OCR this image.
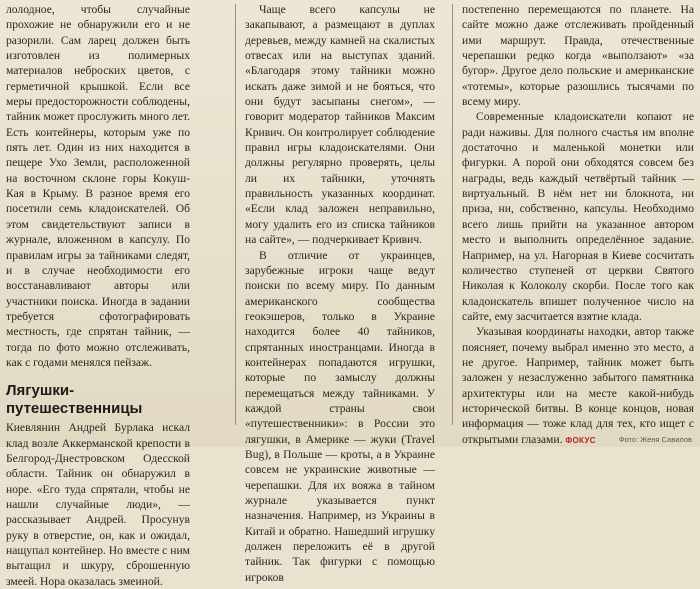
лолодное, чтобы случайные прохожие не обнаружили его и не разорили. Сам ларец должен быть изготовлен из полимерных материалов неброских цветов, с герметичной крышкой. Если все меры предосторожности соблюдены, тайник может прослужить много лет. Есть контейнеры, которым уже по пять лет. Один из них находится в пещере Ухо Земли, расположенной на восточном склоне горы Кокуш-Кая в Крыму. В разное время его посетили семь кладоискателей. Об этом свидетельствуют записи в журнале, вложенном в капсулу. По правилам игры за тайниками следят, и в случае необходимости его восстанавливают авторы или участники поиска. Иногда в задании требуется сфотографировать местность, где спрятан тайник, — тогда по фото можно отслеживать, как с годами менялся пейзаж.

Лягушки-путешественницы

Киевлянин Андрей Бурлака искал клад возле Аккерманской крепости в Белгород-Днестровском Одесской области. Тайник он обнаружил в норе. «Его туда спрятали, чтобы не нашли случайные люди», — рассказывает Андрей. Просунув руку в отверстие, он, как и ожидал, нащупал контейнер. Но вместе с ним вытащил и шкуру, сброшенную змеей. Нора оказалась змеиной.

Чаще всего капсулы не закапывают, а размещают в дуплах деревьев, между камней на скалистых отвесах или на выступах зданий. «Благодаря этому тайники можно искать даже зимой и не бояться, что они будут засыпаны снегом», — говорит модератор тайников Максим Кривич. Он контролирует соблюдение правил игры кладоискателями. Они должны регулярно проверять, целы ли их тайники, уточнять правильность указанных координат. «Если клад заложен неправильно, могу удалить его из списка тайников на сайте», — подчеркивает Кривич.

В отличие от украинцев, зарубежные игроки чаще ведут поиски по всему миру. По данным американского сообщества геокэшеров, только в Украине находится более 40 тайников, спрятанных иностранцами. Иногда в контейнерах попадаются игрушки, которые по замыслу должны перемещаться между тайниками. У каждой страны свои «путешественники»: в России это лягушки, в Америке — жуки (Travel Bug), в Польше — кроты, а в Украине совсем не украинские животные — черепашки. Для их вояжа в тайном журнале указывается пункт назначения. Например, из Украины в Китай и обратно. Нашедший игрушку должен переложить её в другой тайник. Так фигурки с помощью игроков

постепенно перемещаются по планете. На сайте можно даже отслеживать пройденный ими маршрут. Правда, отечественные черепашки редко когда «выползают» «за бугор». Другое дело польские и американские «тотемы», которые разошлись тысячами по всему миру.

Современные кладоискатели копают не ради наживы. Для полного счастья им вполне достаточно и маленькой монетки или фигурки. А порой они обходятся совсем без награды, ведь каждый четвёртый тайник — виртуальный. В нём нет ни блокнота, ни приза, ни, собственно, капсулы. Необходимо всего лишь прийти на указанное автором место и выполнить определённое задание. Например, на ул. Нагорная в Киеве сосчитать количество ступеней от церкви Святого Николая к Колоколу скорби. После того как кладоискатель впишет полученное число на сайте, ему засчитается взятие клада.

Указывая координаты находки, автор также поясняет, почему выбрал именно это место, а не другое. Например, тайник может быть заложен у незаслуженно забытого памятника архитектуры или на месте какой-нибудь исторической битвы. В конце концов, новая информация — тоже клад для тех, кто ищет с открытыми глазами. ФОКУС	Фото: Женя Савилов
